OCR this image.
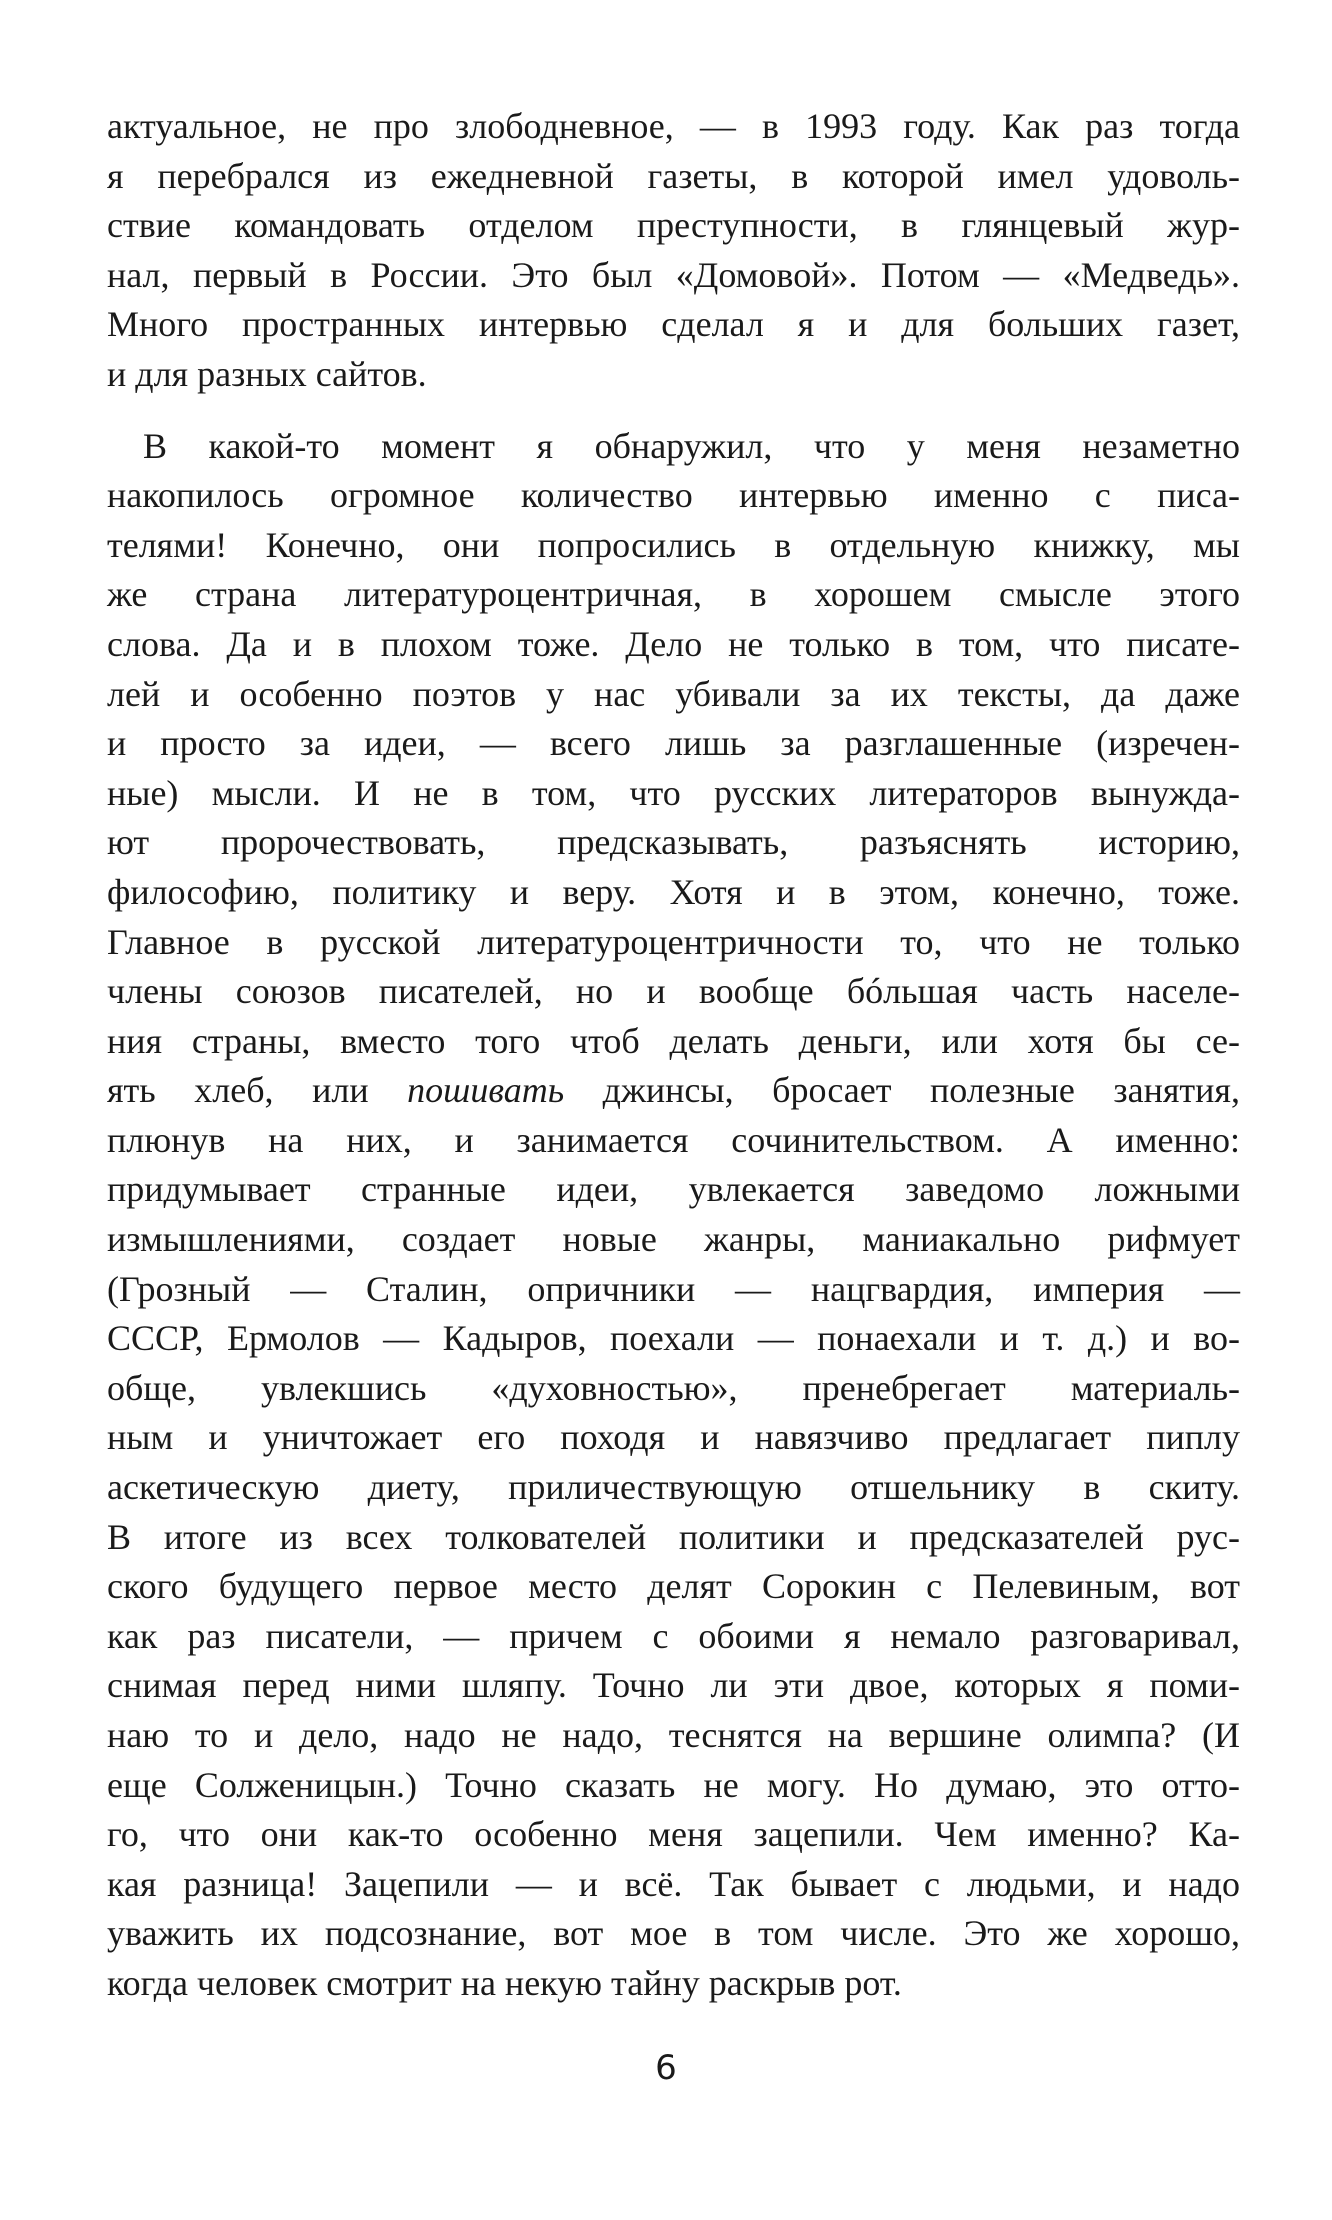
актуальное, не про злободневное, — в 1993 году. Как раз тогда
я перебрался из ежедневной газеты, в которой имел удоволь-
ствие командовать отделом преступности, в глянцевый жур-
нал, первый в России. Это был «Домовой». Потом — «Медведь».
Много пространных интервью сделал я и для больших газет,
и для разных сайтов.
В какой-то момент я обнаружил, что у меня незаметно
накопилось огромное количество интервью именно с писа-
телями! Конечно, они попросились в отдельную книжку, мы
же страна литературоцентричная, в хорошем смысле этого
слова. Да и в плохом тоже. Дело не только в том, что писате-
лей и особенно поэтов у нас убивали за их тексты, да даже
и просто за идеи, — всего лишь за разглашенные (изречен-
ные) мысли. И не в том, что русских литераторов вынужда-
ют пророчествовать, предсказывать, разъяснять историю,
философию, политику и веру. Хотя и в этом, конечно, тоже.
Главное в русской литературоцентричности то, что не только
члены союзов писателей, но и вообще бóльшая часть населе-
ния страны, вместо того чтоб делать деньги, или хотя бы се-
ять хлеб, или пошивать джинсы, бросает полезные занятия,
плюнув на них, и занимается сочинительством. А именно:
придумывает странные идеи, увлекается заведомо ложными
измышлениями, создает новые жанры, маниакально рифмует
(Грозный — Сталин, опричники — нацгвардия, империя —
СССР, Ермолов — Кадыров, поехали — понаехали и т. д.) и во-
обще, увлекшись «духовностью», пренебрегает материаль-
ным и уничтожает его походя и навязчиво предлагает пиплу
аскетическую диету, приличествующую отшельнику в скиту.
В итоге из всех толкователей политики и предсказателей рус-
ского будущего первое место делят Сорокин с Пелевиным, вот
как раз писатели, — причем с обоими я немало разговаривал,
снимая перед ними шляпу. Точно ли эти двое, которых я поми-
наю то и дело, надо не надо, теснятся на вершине олимпа? (И
еще Солженицын.) Точно сказать не могу. Но думаю, это отто-
го, что они как-то особенно меня зацепили. Чем именно? Ка-
кая разница! Зацепили — и всё. Так бывает с людьми, и надо
уважить их подсознание, вот мое в том числе. Это же хорошо,
когда человек смотрит на некую тайну раскрыв рот.
6
